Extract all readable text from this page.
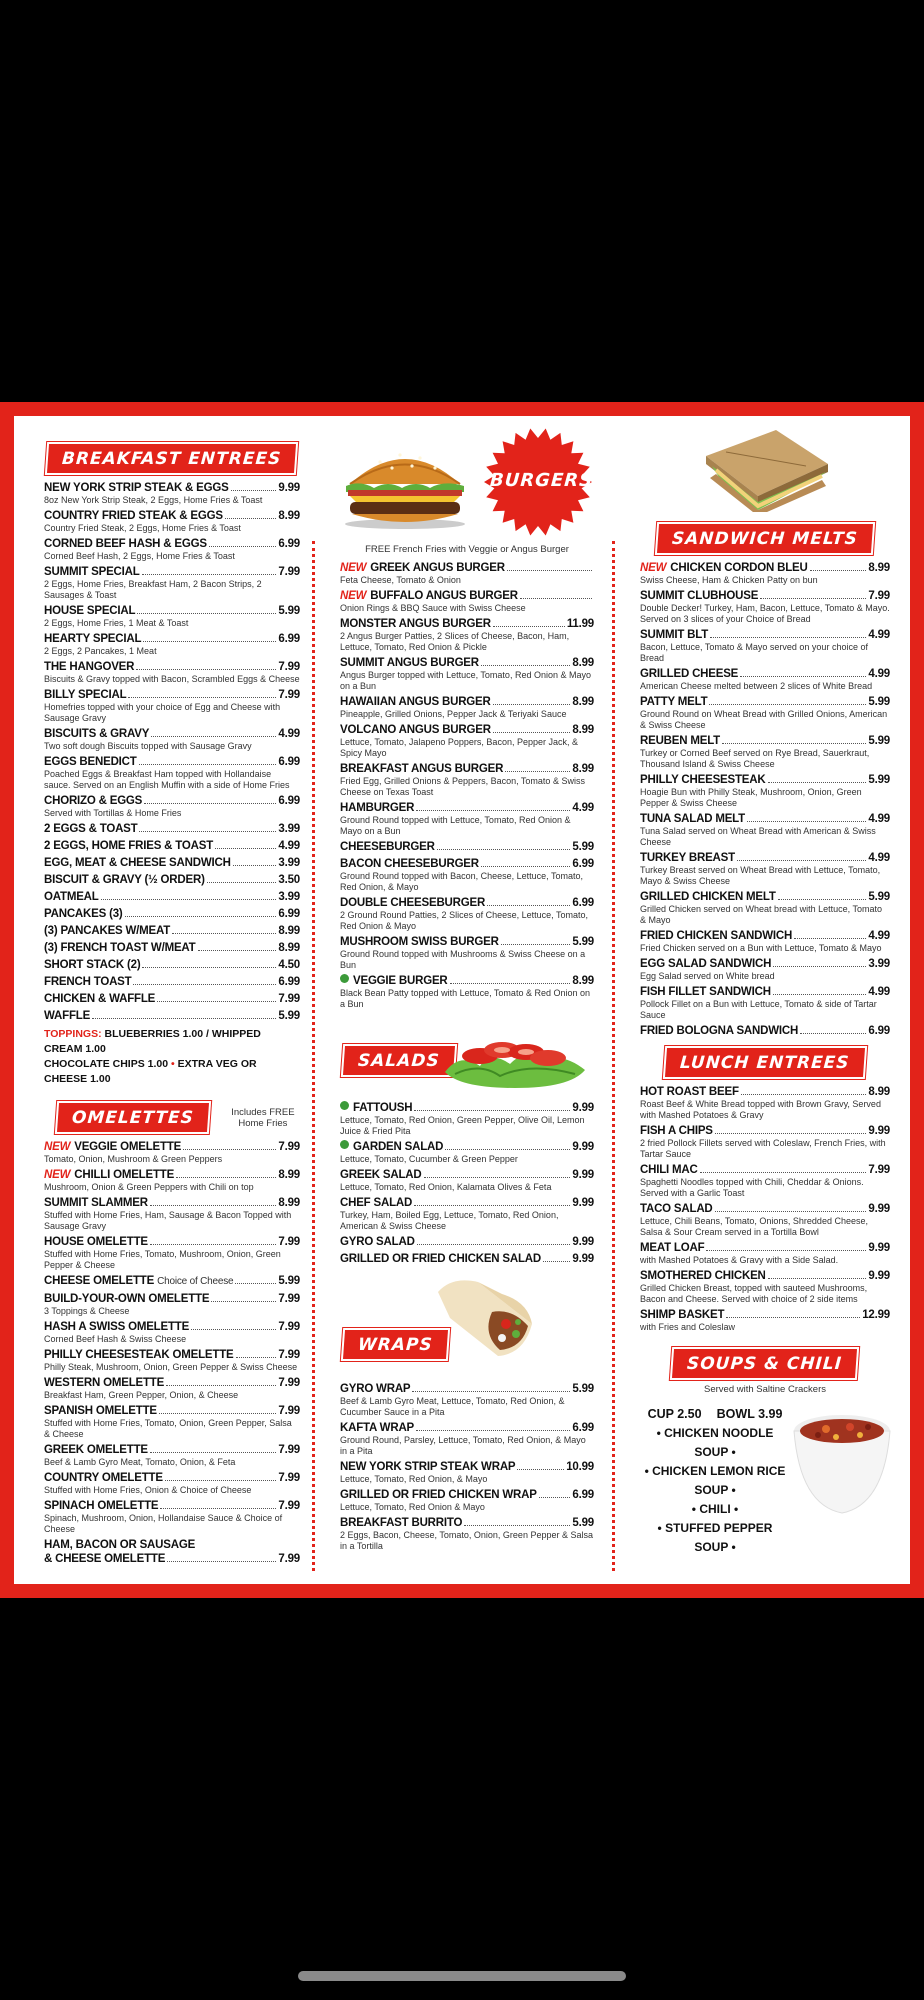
BREAKFAST ENTREES
NEW YORK STRIP STEAK & EGGS	9.99
8oz New York Strip Steak, 2 Eggs, Home Fries & Toast
COUNTRY FRIED STEAK & EGGS	8.99
Country Fried Steak, 2 Eggs, Home Fries & Toast
CORNED BEEF HASH & EGGS	6.99
Corned Beef Hash, 2 Eggs, Home Fries & Toast
SUMMIT SPECIAL	7.99
2 Eggs, Home Fries, Breakfast Ham, 2 Bacon Strips, 2 Sausages & Toast
HOUSE SPECIAL	5.99
2 Eggs, Home Fries, 1 Meat & Toast
HEARTY SPECIAL	6.99
2 Eggs, 2 Pancakes, 1 Meat
THE HANGOVER	7.99
Biscuits & Gravy topped with Bacon, Scrambled Eggs & Cheese
BILLY SPECIAL	7.99
Homefries topped with your choice of Egg and Cheese with Sausage Gravy
BISCUITS & GRAVY	4.99
Two soft dough Biscuits topped with Sausage Gravy
EGGS BENEDICT	6.99
Poached Eggs & Breakfast Ham topped with Hollandaise sauce. Served on an English Muffin with a side of Home Fries
CHORIZO & EGGS	6.99
Served with Tortillas & Home Fries
2 EGGS & TOAST	3.99
2 EGGS, HOME FRIES & TOAST	4.99
EGG, MEAT & CHEESE SANDWICH	3.99
BISCUIT & GRAVY (½ ORDER)	3.50
OATMEAL	3.99
PANCAKES (3)	6.99
(3) PANCAKES W/MEAT	8.99
(3) FRENCH TOAST W/MEAT	8.99
SHORT STACK (2)	4.50
FRENCH TOAST	6.99
CHICKEN & WAFFLE	7.99
WAFFLE	5.99
TOPPINGS: BLUEBERRIES 1.00 / WHIPPED CREAM 1.00
CHOCOLATE CHIPS 1.00 • EXTRA VEG OR CHEESE 1.00
OMELETTES	Includes FREE Home Fries
NEW VEGGIE OMELETTE	7.99
Tomato, Onion, Mushroom & Green Peppers
NEW CHILLI OMELETTE	8.99
Mushroom, Onion & Green Peppers with Chili on top
SUMMIT SLAMMER	8.99
Stuffed with Home Fries, Ham, Sausage & Bacon Topped with Sausage Gravy
HOUSE OMELETTE	7.99
Stuffed with Home Fries, Tomato, Mushroom, Onion, Green Pepper & Cheese
CHEESE OMELETTE Choice of Cheese	5.99
BUILD-YOUR-OWN OMELETTE	7.99
3 Toppings & Cheese
HASH A SWISS OMELETTE	7.99
Corned Beef Hash & Swiss Cheese
PHILLY CHEESESTEAK OMELETTE	7.99
Philly Steak, Mushroom, Onion, Green Pepper & Swiss Cheese
WESTERN OMELETTE	7.99
Breakfast Ham, Green Pepper, Onion, & Cheese
SPANISH OMELETTE	7.99
Stuffed with Home Fries, Tomato, Onion, Green Pepper, Salsa & Cheese
GREEK OMELETTE	7.99
Beef & Lamb Gyro Meat, Tomato, Onion, & Feta
COUNTRY OMELETTE	7.99
Stuffed with Home Fries, Onion & Choice of Cheese
SPINACH OMELETTE	7.99
Spinach, Mushroom, Onion, Hollandaise Sauce & Choice of Cheese
HAM, BACON OR SAUSAGE
& CHEESE OMELETTE	7.99
BURGERS
FREE French Fries with Veggie or Angus Burger
NEW GREEK ANGUS BURGER
Feta Cheese, Tomato & Onion
NEW BUFFALO ANGUS BURGER
Onion Rings & BBQ Sauce with Swiss Cheese
MONSTER ANGUS BURGER	11.99
2 Angus Burger Patties, 2 Slices of Cheese, Bacon, Ham, Lettuce, Tomato, Red Onion & Pickle
SUMMIT ANGUS BURGER	8.99
Angus Burger topped with Lettuce, Tomato, Red Onion & Mayo on a Bun
HAWAIIAN ANGUS BURGER	8.99
Pineapple, Grilled Onions, Pepper Jack & Teriyaki Sauce
VOLCANO ANGUS BURGER	8.99
Lettuce, Tomato, Jalapeno Poppers, Bacon, Pepper Jack, & Spicy Mayo
BREAKFAST ANGUS BURGER	8.99
Fried Egg, Grilled Onions & Peppers, Bacon, Tomato & Swiss Cheese on Texas Toast
HAMBURGER	4.99
Ground Round topped with Lettuce, Tomato, Red Onion & Mayo on a Bun
CHEESEBURGER	5.99
BACON CHEESEBURGER	6.99
Ground Round topped with Bacon, Cheese, Lettuce, Tomato, Red Onion, & Mayo
DOUBLE CHEESEBURGER	6.99
2 Ground Round Patties, 2 Slices of Cheese, Lettuce, Tomato, Red Onion & Mayo
MUSHROOM SWISS BURGER	5.99
Ground Round topped with Mushrooms & Swiss Cheese on a Bun
VEGGIE BURGER	8.99
Black Bean Patty topped with Lettuce, Tomato & Red Onion on a Bun
SALADS
FATTOUSH	9.99
Lettuce, Tomato, Red Onion, Green Pepper, Olive Oil, Lemon Juice & Fried Pita
GARDEN SALAD	9.99
Lettuce, Tomato, Cucumber & Green Pepper
GREEK SALAD	9.99
Lettuce, Tomato, Red Onion, Kalamata Olives & Feta
CHEF SALAD	9.99
Turkey, Ham, Boiled Egg, Lettuce, Tomato, Red Onion, American & Swiss Cheese
GYRO SALAD	9.99
GRILLED OR FRIED CHICKEN SALAD	9.99
WRAPS
GYRO WRAP	5.99
Beef & Lamb Gyro Meat, Lettuce, Tomato, Red Onion, & Cucumber Sauce in a Pita
KAFTA WRAP	6.99
Ground Round, Parsley, Lettuce, Tomato, Red Onion, & Mayo in a Pita
NEW YORK STRIP STEAK WRAP	10.99
Lettuce, Tomato, Red Onion, & Mayo
GRILLED OR FRIED CHICKEN WRAP	6.99
Lettuce, Tomato, Red Onion & Mayo
BREAKFAST BURRITO	5.99
2 Eggs, Bacon, Cheese, Tomato, Onion, Green Pepper & Salsa in a Tortilla
SANDWICH MELTS
NEW CHICKEN CORDON BLEU	8.99
Swiss Cheese, Ham & Chicken Patty on bun
SUMMIT CLUBHOUSE	7.99
Double Decker! Turkey, Ham, Bacon, Lettuce, Tomato & Mayo. Served on 3 slices of your Choice of Bread
SUMMIT BLT	4.99
Bacon, Lettuce, Tomato & Mayo served on your choice of Bread
GRILLED CHEESE	4.99
American Cheese melted between 2 slices of White Bread
PATTY MELT	5.99
Ground Round on Wheat Bread with Grilled Onions, American & Swiss Cheese
REUBEN MELT	5.99
Turkey or Corned Beef served on Rye Bread, Sauerkraut, Thousand Island & Swiss Cheese
PHILLY CHEESESTEAK	5.99
Hoagie Bun with Philly Steak, Mushroom, Onion, Green Pepper & Swiss Cheese
TUNA SALAD MELT	4.99
Tuna Salad served on Wheat Bread with American & Swiss Cheese
TURKEY BREAST	4.99
Turkey Breast served on Wheat Bread with Lettuce, Tomato, Mayo & Swiss Cheese
GRILLED CHICKEN MELT	5.99
Grilled Chicken served on Wheat bread with Lettuce, Tomato & Mayo
FRIED CHICKEN SANDWICH	4.99
Fried Chicken served on a Bun with Lettuce, Tomato & Mayo
EGG SALAD SANDWICH	3.99
Egg Salad served on White bread
FISH FILLET SANDWICH	4.99
Pollock Fillet on a Bun with Lettuce, Tomato & side of Tartar Sauce
FRIED BOLOGNA SANDWICH	6.99
LUNCH ENTREES
HOT ROAST BEEF	8.99
Roast Beef & White Bread topped with Brown Gravy, Served with Mashed Potatoes & Gravy
FISH A CHIPS	9.99
2 fried Pollock Fillets served with Coleslaw, French Fries, with Tartar Sauce
CHILI MAC	7.99
Spaghetti Noodles topped with Chili, Cheddar & Onions. Served with a Garlic Toast
TACO SALAD	9.99
Lettuce, Chili Beans, Tomato, Onions, Shredded Cheese, Salsa & Sour Cream served in a Tortilla Bowl
MEAT LOAF	9.99
with Mashed Potatoes & Gravy with a Side Salad.
SMOTHERED CHICKEN	9.99
Grilled Chicken Breast, topped with sauteed Mushrooms, Bacon and Cheese. Served with choice of 2 side items
SHIMP BASKET	12.99
with Fries and Coleslaw
SOUPS & CHILI
Served with Saltine Crackers
CUP 2.50 BOWL 3.99
• CHICKEN NOODLE SOUP •
• CHICKEN LEMON RICE SOUP •
• CHILI •
• STUFFED PEPPER SOUP •
